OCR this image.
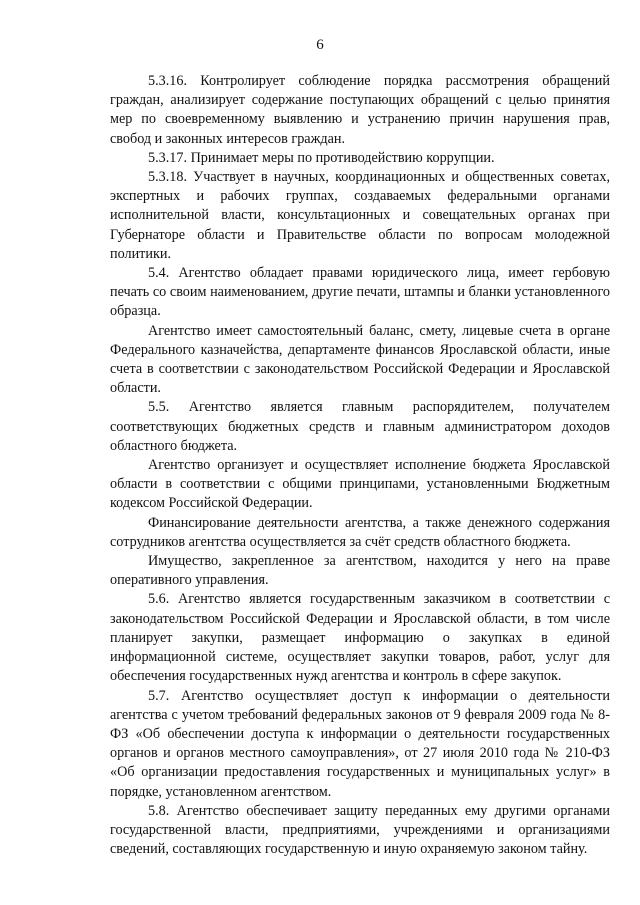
6

5.3.16. Контролирует соблюдение порядка рассмотрения обращений граждан, анализирует содержание поступающих обращений с целью принятия мер по своевременному выявлению и устранению причин нарушения прав, свобод и законных интересов граждан.

5.3.17. Принимает меры по противодействию коррупции.

5.3.18. Участвует в научных, координационных и общественных советах, экспертных и рабочих группах, создаваемых федеральными органами исполнительной власти, консультационных и совещательных органах при Губернаторе области и Правительстве области по вопросам молодежной политики.

5.4. Агентство обладает правами юридического лица, имеет гербовую печать со своим наименованием, другие печати, штампы и бланки установленного образца.

Агентство имеет самостоятельный баланс, смету, лицевые счета в органе Федерального казначейства, департаменте финансов Ярославской области, иные счета в соответствии с законодательством Российской Федерации и Ярославской области.

5.5. Агентство является главным распорядителем, получателем соответствующих бюджетных средств и главным администратором доходов областного бюджета.

Агентство организует и осуществляет исполнение бюджета Ярославской области в соответствии с общими принципами, установленными Бюджетным кодексом Российской Федерации.

Финансирование деятельности агентства, а также денежного содержания сотрудников агентства осуществляется за счёт средств областного бюджета.

Имущество, закрепленное за агентством, находится у него на праве оперативного управления.

5.6. Агентство является государственным заказчиком в соответствии с законодательством Российской Федерации и Ярославской области, в том числе планирует закупки, размещает информацию о закупках в единой информационной системе, осуществляет закупки товаров, работ, услуг для обеспечения государственных нужд агентства и контроль в сфере закупок.

5.7. Агентство осуществляет доступ к информации о деятельности агентства с учетом требований федеральных законов от 9 февраля 2009 года № 8-ФЗ «Об обеспечении доступа к информации о деятельности государственных органов и органов местного самоуправления», от 27 июля 2010 года № 210-ФЗ «Об организации предоставления государственных и муниципальных услуг» в порядке, установленном агентством.

5.8. Агентство обеспечивает защиту переданных ему другими органами государственной власти, предприятиями, учреждениями и организациями сведений, составляющих государственную и иную охраняемую законом тайну.
